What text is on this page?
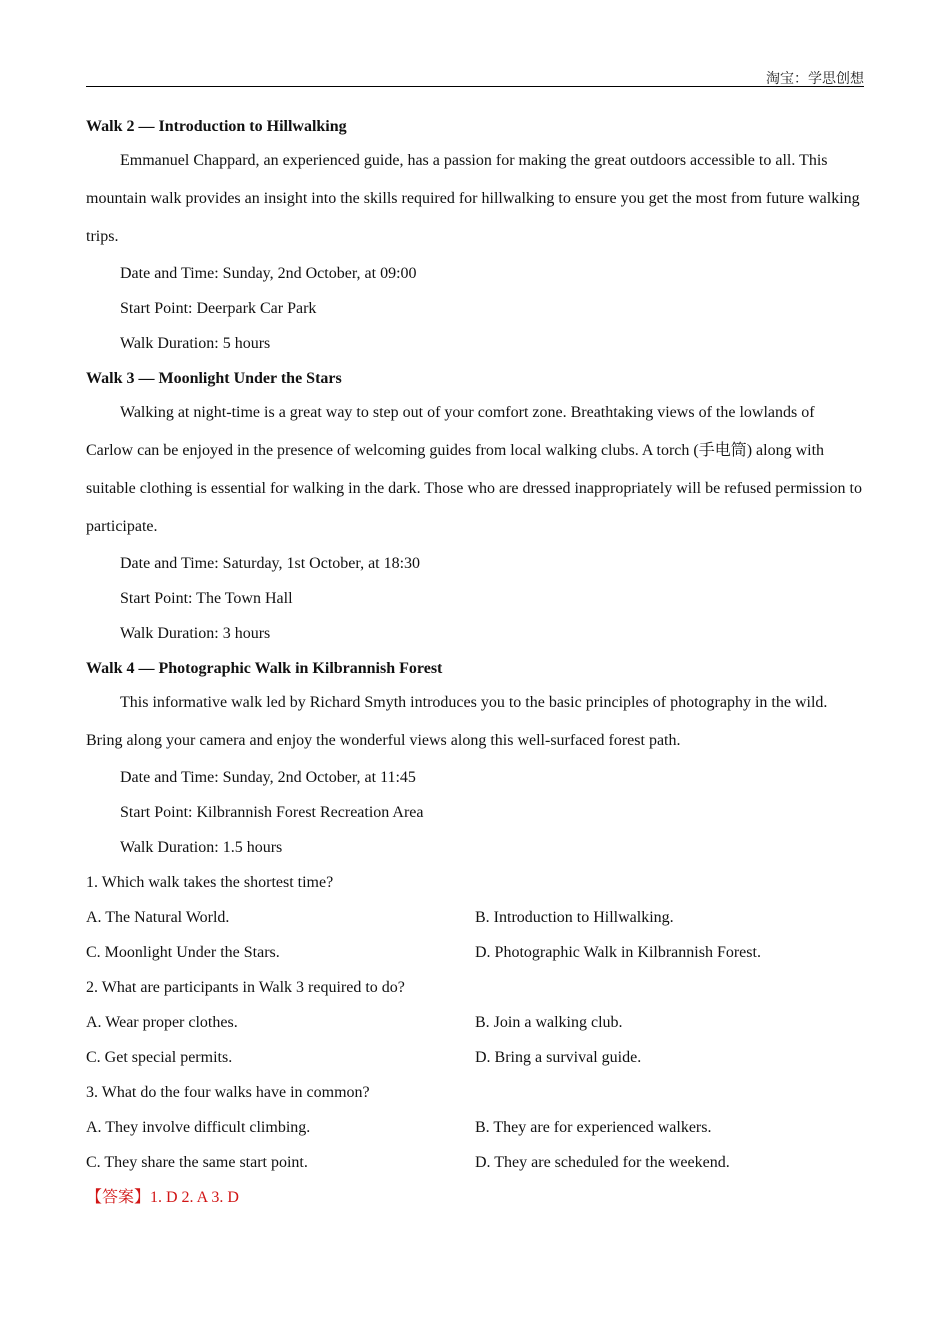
淘宝：学思创想
Walk 2 — Introduction to Hillwalking
Emmanuel Chappard, an experienced guide, has a passion for making the great outdoors accessible to all. This mountain walk provides an insight into the skills required for hillwalking to ensure you get the most from future walking trips.
Date and Time: Sunday, 2nd October, at 09:00
Start Point: Deerpark Car Park
Walk Duration: 5 hours
Walk 3 — Moonlight Under the Stars
Walking at night-time is a great way to step out of your comfort zone. Breathtaking views of the lowlands of Carlow can be enjoyed in the presence of welcoming guides from local walking clubs. A torch (手电筒) along with suitable clothing is essential for walking in the dark. Those who are dressed inappropriately will be refused permission to participate.
Date and Time: Saturday, 1st October, at 18:30
Start Point: The Town Hall
Walk Duration: 3 hours
Walk 4 — Photographic Walk in Kilbrannish Forest
This informative walk led by Richard Smyth introduces you to the basic principles of photography in the wild. Bring along your camera and enjoy the wonderful views along this well-surfaced forest path.
Date and Time: Sunday, 2nd October, at 11:45
Start Point: Kilbrannish Forest Recreation Area
Walk Duration: 1.5 hours
1. Which walk takes the shortest time?
A. The Natural World.	B. Introduction to Hillwalking.
C. Moonlight Under the Stars.	D. Photographic Walk in Kilbrannish Forest.
2. What are participants in Walk 3 required to do?
A. Wear proper clothes.	B. Join a walking club.
C. Get special permits.	D. Bring a survival guide.
3. What do the four walks have in common?
A. They involve difficult climbing.	B. They are for experienced walkers.
C. They share the same start point.	D. They are scheduled for the weekend.
【答案】1. D 2. A 3. D
